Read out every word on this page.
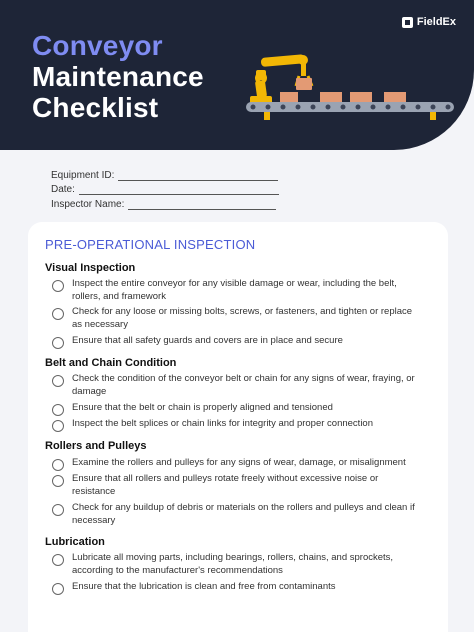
Conveyor
Maintenance
Checklist
FieldEx
Equipment ID:
Date:
Inspector Name:
PRE-OPERATIONAL INSPECTION
Visual Inspection
Inspect the entire conveyor for any visible damage or wear, including the belt, rollers, and framework
Check for any loose or missing bolts, screws, or fasteners, and tighten or replace as necessary
Ensure that all safety guards and covers are in place and secure
Belt and Chain Condition
Check the condition of the conveyor belt or chain for any signs of wear, fraying, or damage
Ensure that the belt or chain is properly aligned and tensioned
Inspect the belt splices or chain links for integrity and proper connection
Rollers and Pulleys
Examine the rollers and pulleys for any signs of wear, damage, or misalignment
Ensure that all rollers and pulleys rotate freely without excessive noise or resistance
Check for any buildup of debris or materials on the rollers and pulleys and clean if necessary
Lubrication
Lubricate all moving parts, including bearings, rollers, chains, and sprockets, according to the manufacturer's recommendations
Ensure that the lubrication is clean and free from contaminants
